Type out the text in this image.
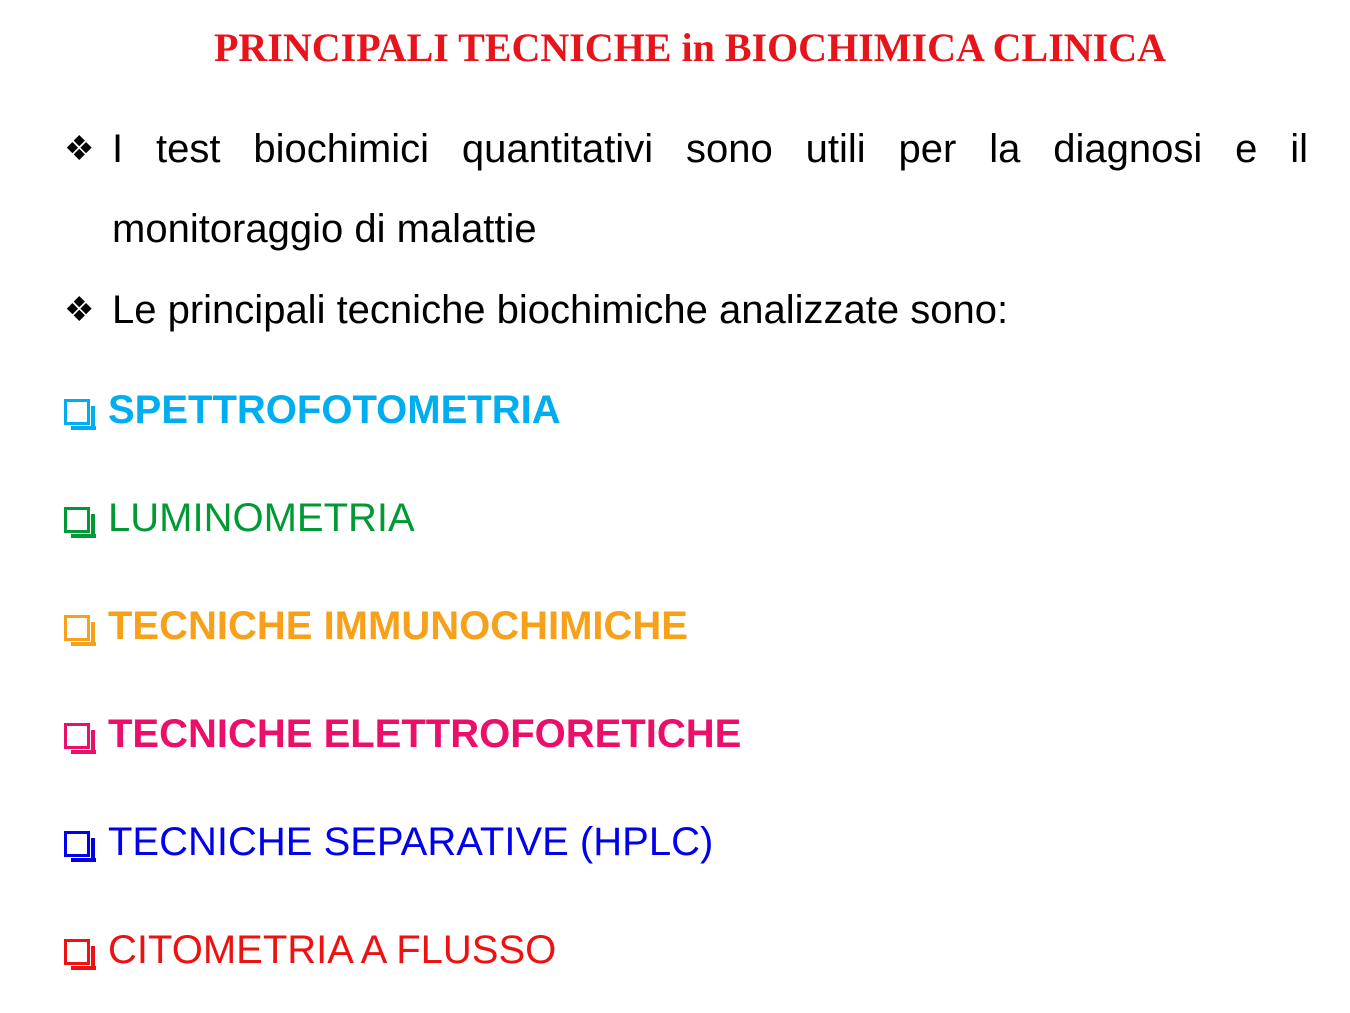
PRINCIPALI TECNICHE in BIOCHIMICA CLINICA
❖ I test biochimici quantitativi sono utili per la diagnosi e il monitoraggio di malattie
❖ Le principali tecniche biochimiche analizzate sono:
SPETTROFOTOMETRIA
LUMINOMETRIA
TECNICHE IMMUNOCHIMICHE
TECNICHE ELETTROFORETICHE
TECNICHE SEPARATIVE (HPLC)
CITOMETRIA A FLUSSO
